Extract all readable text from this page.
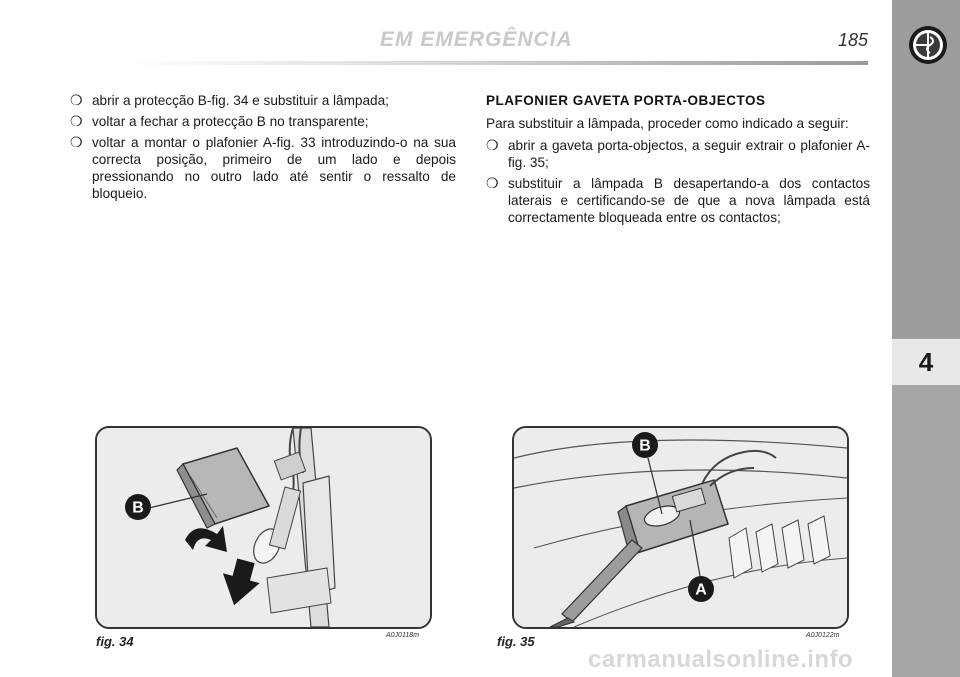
EM EMERGÊNCIA	185
4
❍ abrir a protecção B-fig. 34 e substituir a lâmpada;
❍ voltar a fechar a protecção B no transparente;
❍ voltar a montar o plafonier A-fig. 33 introduzindo-o na sua correcta posição, primeiro de um lado e depois pressionando no outro lado até sentir o ressalto de bloqueio.
PLAFONIER GAVETA PORTA-OBJECTOS
Para substituir a lâmpada, proceder como indicado a seguir:
❍ abrir a gaveta porta-objectos, a seguir extrair o plafonier A-fig. 35;
❍ substituir a lâmpada B desapertando-a dos contactos laterais e certificando-se de que a nova lâmpada está correctamente bloqueada entre os contactos;
B
fig. 34	A0J0118m
B
A
fig. 35	A0J0122m
carmanualsonline.info
